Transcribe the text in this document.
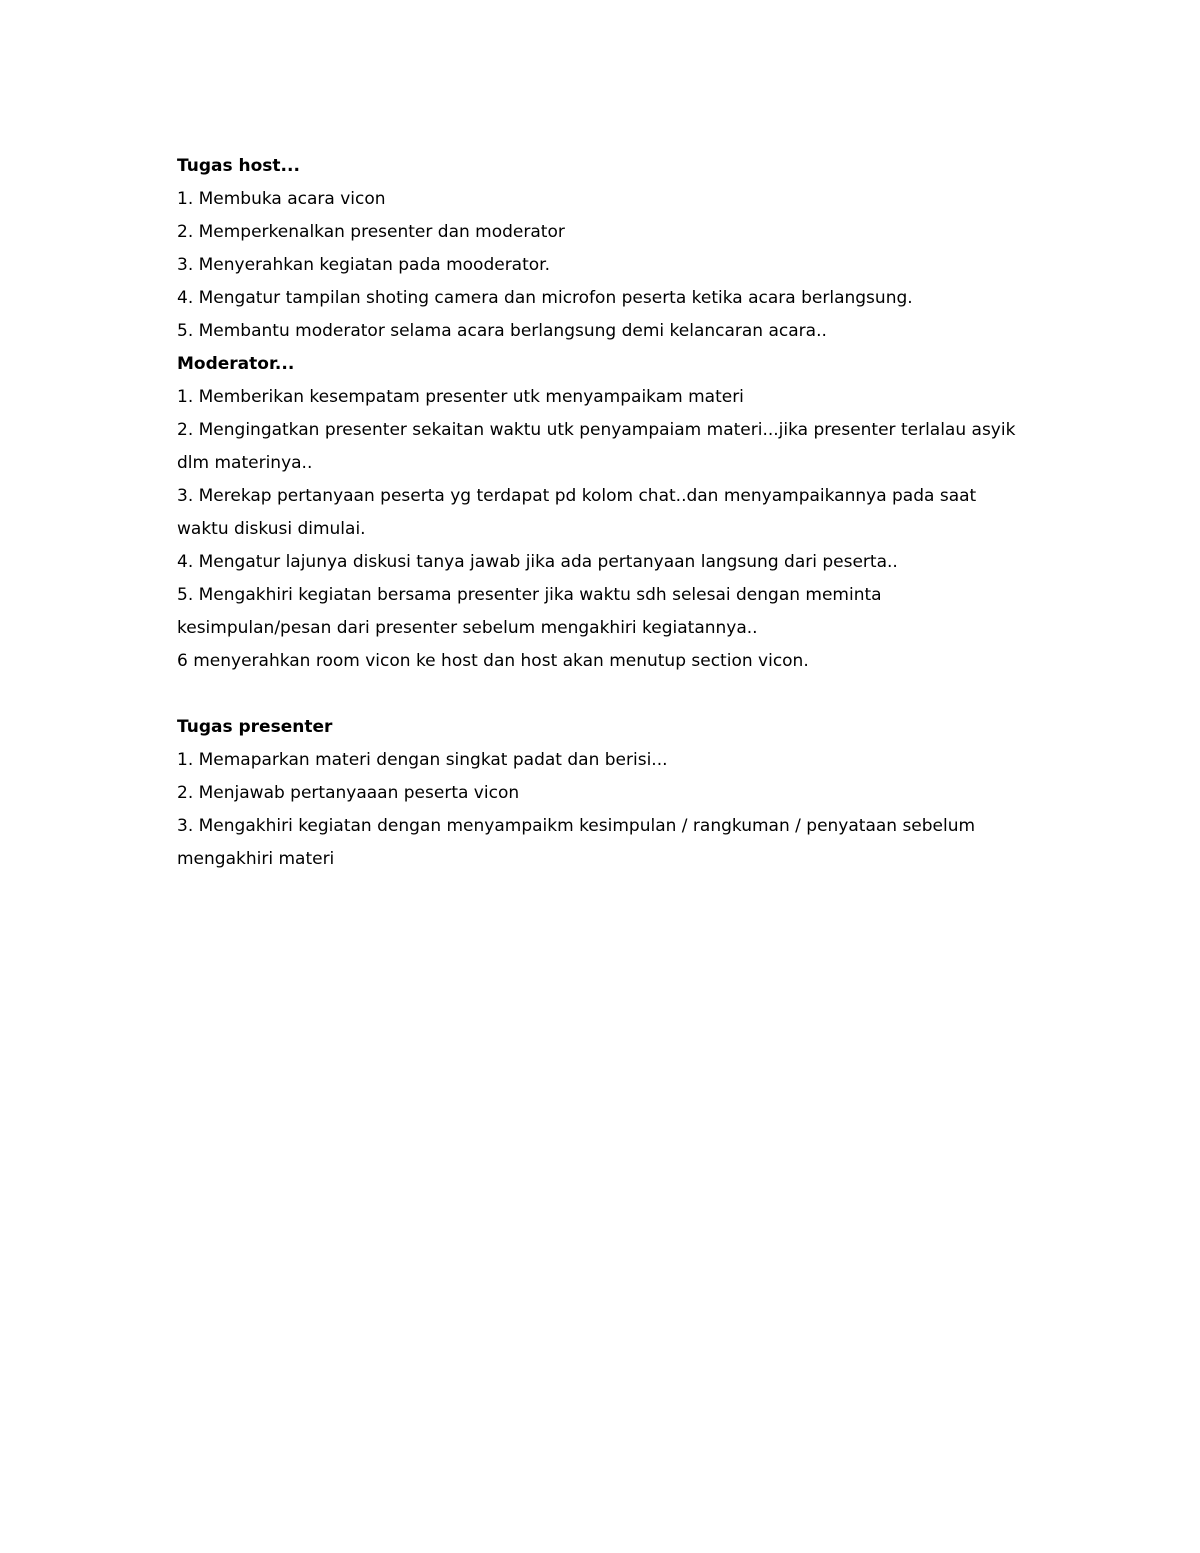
Tugas host...

1. Membuka acara vicon
2. Memperkenalkan presenter dan moderator
3. Menyerahkan kegiatan pada mooderator.
4. Mengatur tampilan shoting camera dan microfon peserta ketika acara berlangsung.
5. Membantu moderator selama acara berlangsung demi kelancaran acara..

Moderator...

1. Memberikan kesempatam presenter utk menyampaikam materi
2. Mengingatkan presenter sekaitan waktu utk penyampaiam materi...jika presenter terlalau asyik dlm materinya..
3. Merekap pertanyaan peserta yg terdapat pd kolom chat..dan menyampaikannya pada saat waktu diskusi dimulai.
4. Mengatur lajunya diskusi tanya jawab jika ada pertanyaan langsung dari peserta..
5. Mengakhiri kegiatan bersama presenter jika waktu sdh selesai dengan meminta kesimpulan/pesan dari presenter sebelum mengakhiri kegiatannya..
6 menyerahkan room vicon ke host dan host akan menutup section vicon.

Tugas presenter

1. Memaparkan materi dengan singkat padat dan berisi...
2. Menjawab pertanyaaan peserta vicon
3. Mengakhiri kegiatan dengan menyampaikm kesimpulan / rangkuman / penyataan sebelum mengakhiri materi
